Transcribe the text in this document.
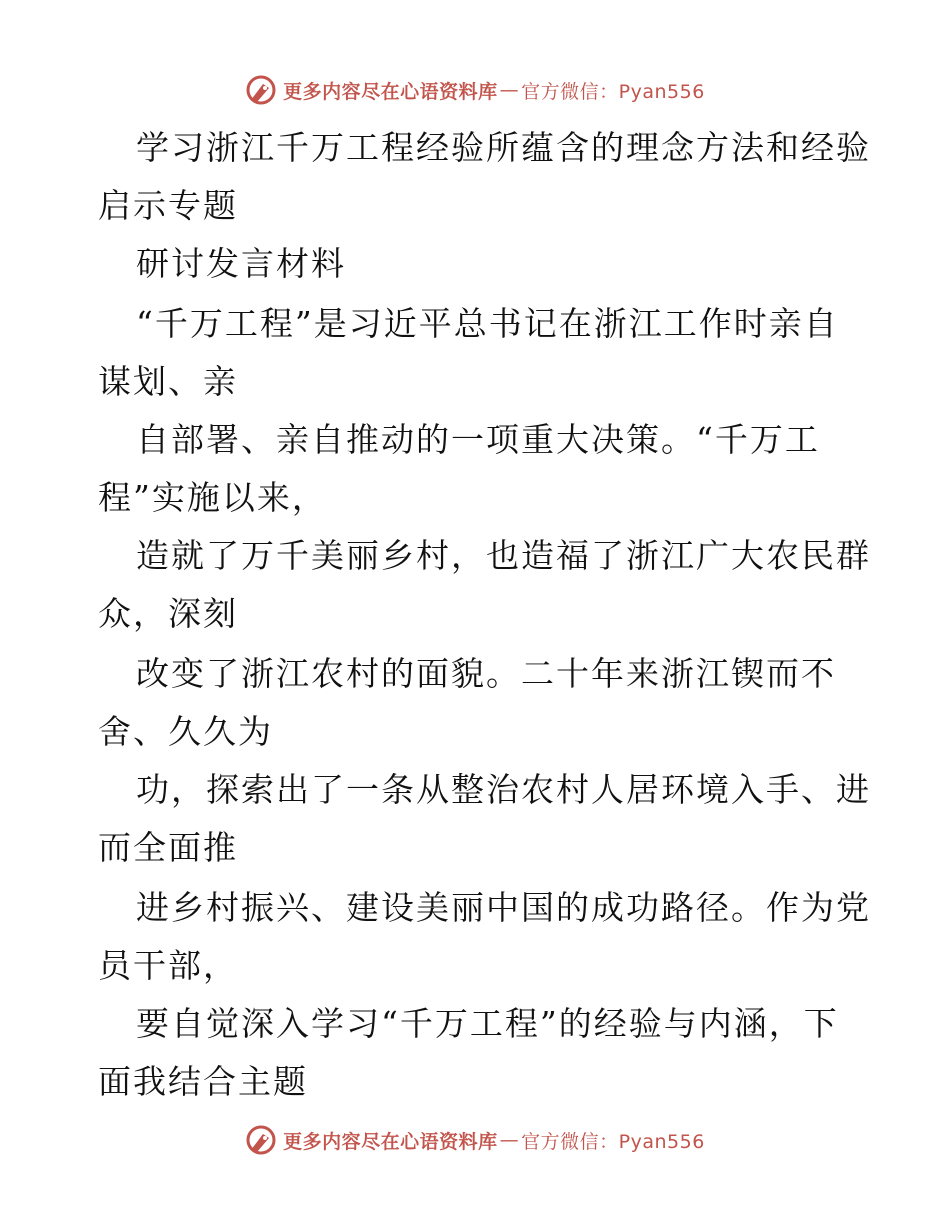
更多内容尽在心语资料库 — 官方微信：Pyan556
学习浙江千万工程经验所蕴含的理念方法和经验
启示专题
研讨发言材料
“千万工程”是习近平总书记在浙江工作时亲自
谋划、亲
自部署、亲自推动的一项重大决策。“千万工
程”实施以来，
造就了万千美丽乡村，也造福了浙江广大农民群
众，深刻
改变了浙江农村的面貌。二十年来浙江锲而不
舍、久久为
功，探索出了一条从整治农村人居环境入手、进
而全面推
进乡村振兴、建设美丽中国的成功路径。作为党
员干部，
要自觉深入学习“千万工程”的经验与内涵，下
面我结合主题
更多内容尽在心语资料库 — 官方微信：Pyan556
